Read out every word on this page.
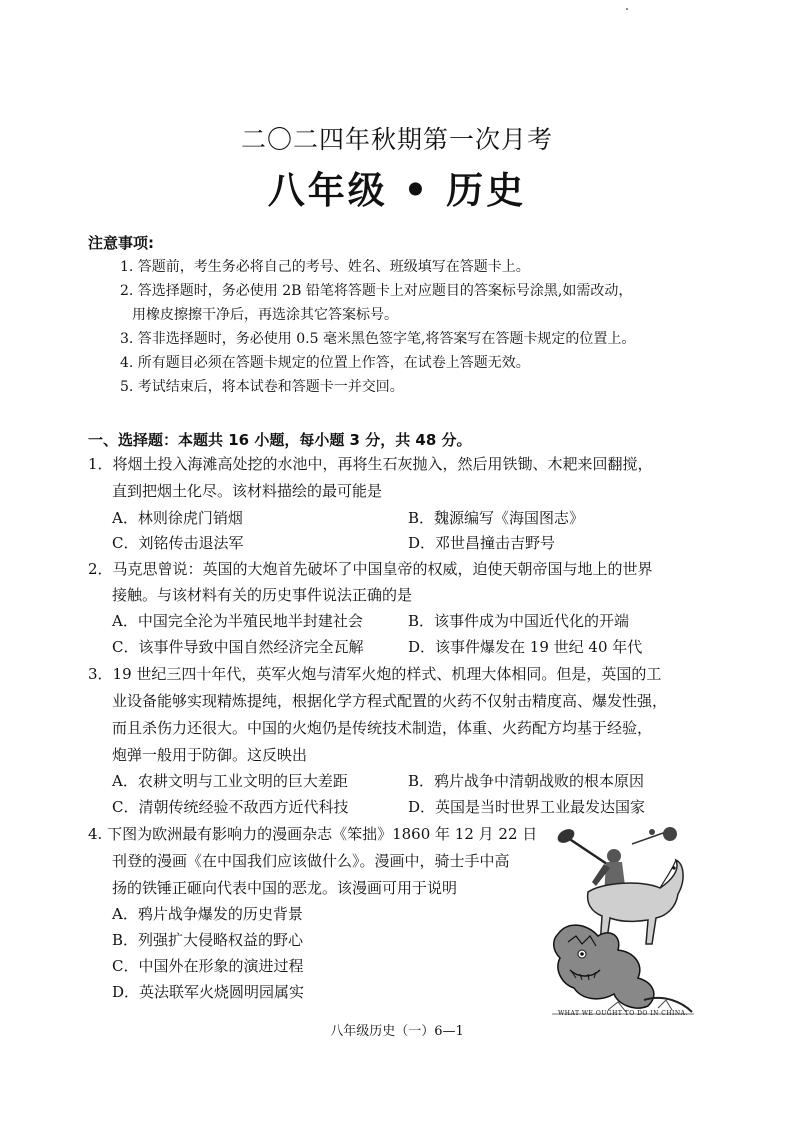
二〇二四年秋期第一次月考
八年级 • 历史
注意事项:
1. 答题前，考生务必将自己的考号、姓名、班级填写在答题卡上。
2. 答选择题时，务必使用 2B 铅笔将答题卡上对应题目的答案标号涂黑,如需改动，
用橡皮擦擦干净后，再选涂其它答案标号。
3. 答非选择题时，务必使用 0.5 毫米黑色签字笔,将答案写在答题卡规定的位置上。
4. 所有题目必须在答题卡规定的位置上作答，在试卷上答题无效。
5. 考试结束后，将本试卷和答题卡一并交回。
一、选择题：本题共 16 小题，每小题 3 分，共 48 分。
1．将烟土投入海滩高处挖的水池中，再将生石灰抛入，然后用铁锄、木耙来回翻搅，
直到把烟土化尽。该材料描绘的最可能是
A．林则徐虎门销烟	B．魏源编写《海国图志》
C．刘铭传击退法军	D．邓世昌撞击吉野号
2．马克思曾说：英国的大炮首先破坏了中国皇帝的权威，迫使天朝帝国与地上的世界
接触。与该材料有关的历史事件说法正确的是
A．中国完全沦为半殖民地半封建社会	B．该事件成为中国近代化的开端
C．该事件导致中国自然经济完全瓦解	D．该事件爆发在 19 世纪 40 年代
3．19 世纪三四十年代，英军火炮与清军火炮的样式、机理大体相同。但是，英国的工
业设备能够实现精炼提纯，根据化学方程式配置的火药不仅射击精度高、爆发性强，
而且杀伤力还很大。中国的火炮仍是传统技术制造，体重、火药配方均基于经验，
炮弹一般用于防御。这反映出
A．农耕文明与工业文明的巨大差距	B．鸦片战争中清朝战败的根本原因
C．清朝传统经验不敌西方近代科技	D．英国是当时世界工业最发达国家
4. 下图为欧洲最有影响力的漫画杂志《笨拙》1860 年 12 月 22 日
刊登的漫画《在中国我们应该做什么》。漫画中，骑士手中高
扬的铁锤正砸向代表中国的恶龙。该漫画可用于说明
A．鸦片战争爆发的历史背景
B．列强扩大侵略权益的野心
C．中国外在形象的演进过程
D．英法联军火烧圆明园属实
WHAT WE OUGHT TO DO IN CHINA.
八年级历史（一）6—1
